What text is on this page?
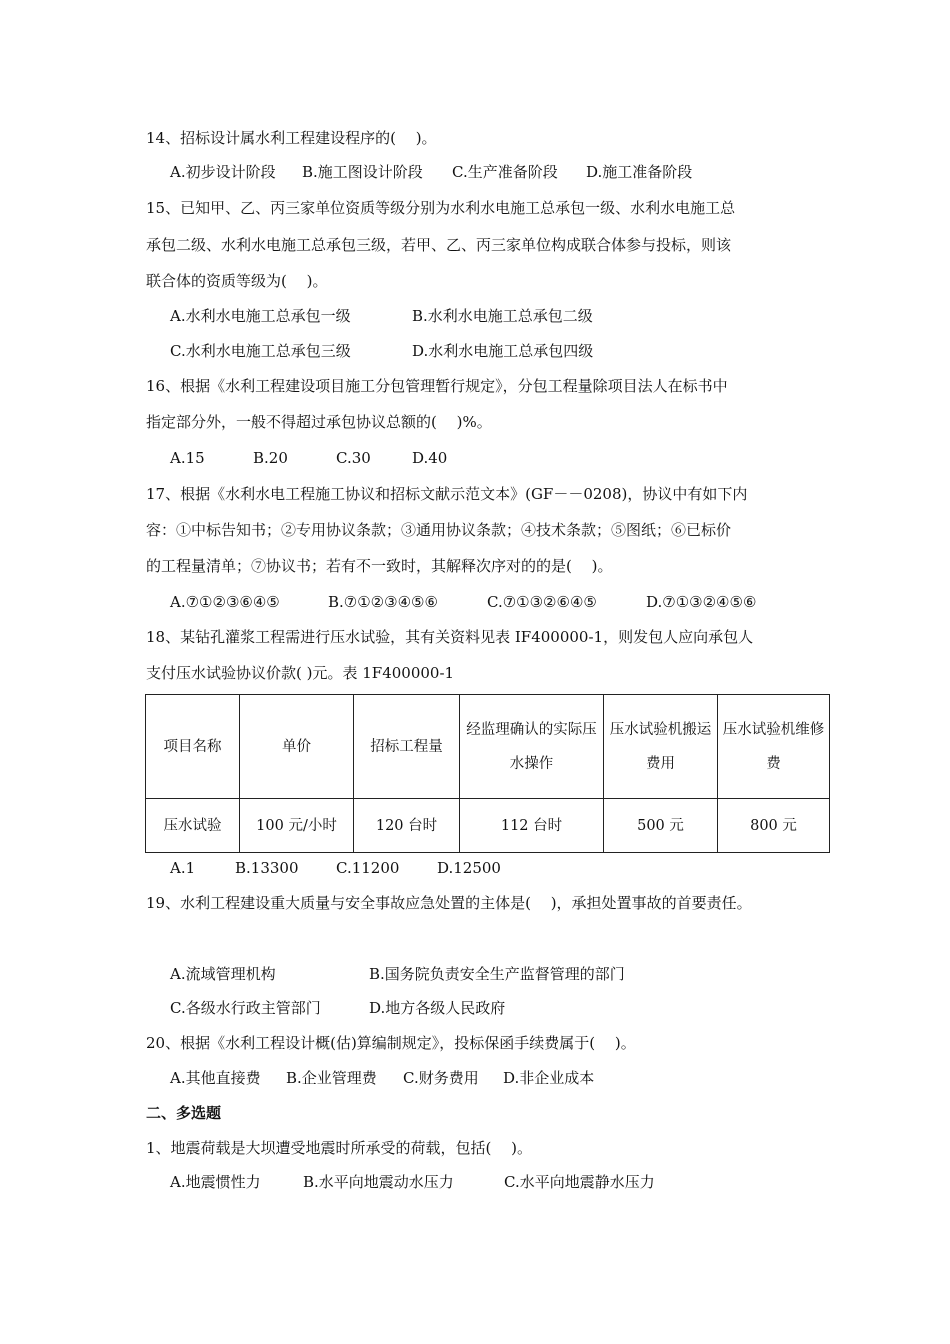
14、招标设计属水利工程建设程序的(　 )。
A.初步设计阶段 B.施工图设计阶段 C.生产准备阶段 D.施工准备阶段
15、已知甲、乙、丙三家单位资质等级分别为水利水电施工总承包一级、水利水电施工总
承包二级、水利水电施工总承包三级，若甲、乙、丙三家单位构成联合体参与投标，则该
联合体的资质等级为(　 )。
A.水利水电施工总承包一级	B.水利水电施工总承包二级
C.水利水电施工总承包三级	D.水利水电施工总承包四级
16、根据《水利工程建设项目施工分包管理暂行规定》，分包工程量除项目法人在标书中
指定部分外，一般不得超过承包协议总额的(　 )%。
A.15	B.20	C.30	D.40
17、根据《水利水电工程施工协议和招标文献示范文本》(GF－－0208)，协议中有如下内
容：①中标告知书；②专用协议条款；③通用协议条款；④技术条款；⑤图纸；⑥已标价
的工程量清单；⑦协议书；若有不一致时，其解释次序对的的是(　 )。
A.⑦①②③⑥④⑤	B.⑦①②③④⑤⑥	C.⑦①③②⑥④⑤	D.⑦①③②④⑤⑥
18、某钻孔灌浆工程需进行压水试验，其有关资料见表 IF400000-1，则发包人应向承包人
支付压水试验协议价款( )元。表 1F400000-1
项目名称	单价	招标工程量	经监理确认的实际压水操作	压水试验机搬运费用	压水试验机维修费
压水试验	100 元/小时	120 台时	112 台时	500 元	800 元
A.1	B.13300 C.11200	D.12500
19、水利工程建设重大质量与安全事故应急处置的主体是(　 )，承担处置事故的首要责任。
A.流域管理机构	B.国务院负责安全生产监督管理的部门
C.各级水行政主管部门	D.地方各级人民政府
20、根据《水利工程设计概(估)算编制规定》，投标保函手续费属于(　 )。
A.其他直接费 B.企业管理费 C.财务费用 D.非企业成本
二、多选题
1、地震荷载是大坝遭受地震时所承受的荷载，包括(　 )。
A.地震惯性力	B.水平向地震动水压力	C.水平向地震静水压力
